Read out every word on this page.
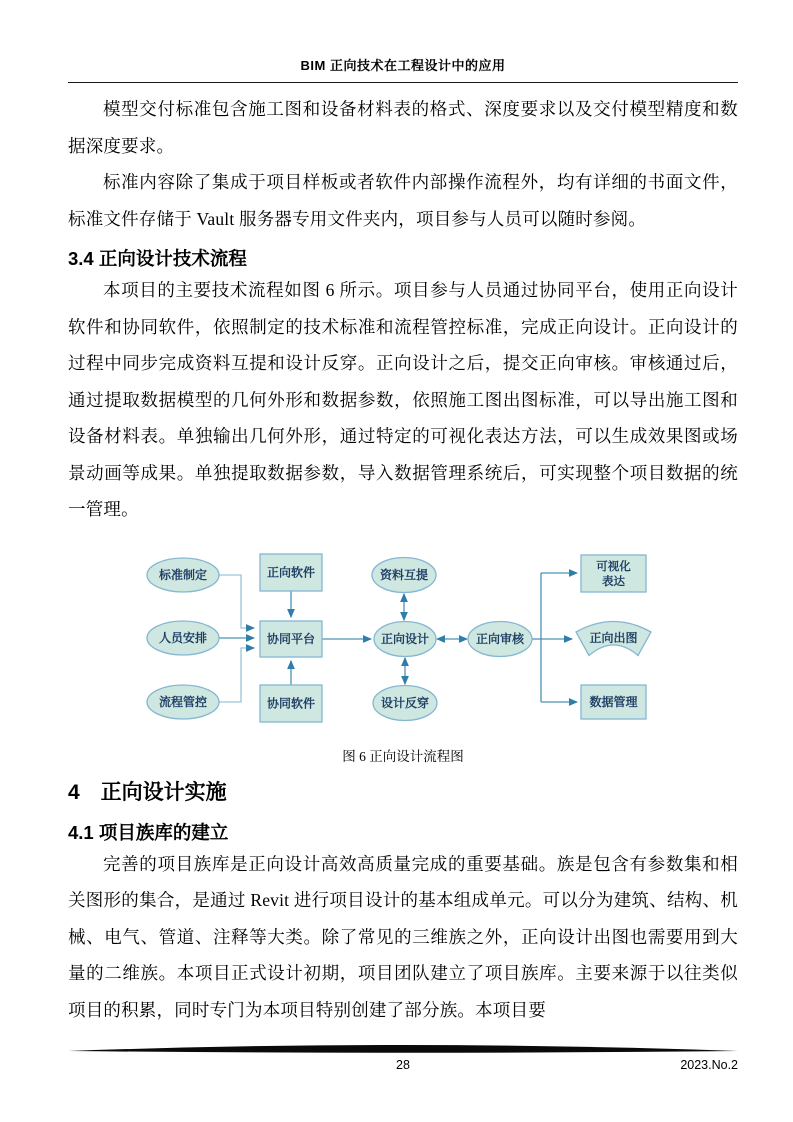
BIM 正向技术在工程设计中的应用

模型交付标准包含施工图和设备材料表的格式、深度要求以及交付模型精度和数据深度要求。

标准内容除了集成于项目样板或者软件内部操作流程外，均有详细的书面文件，标准文件存储于 Vault 服务器专用文件夹内，项目参与人员可以随时参阅。

3.4 正向设计技术流程

本项目的主要技术流程如图 6 所示。项目参与人员通过协同平台，使用正向设计软件和协同软件，依照制定的技术标准和流程管控标准，完成正向设计。正向设计的过程中同步完成资料互提和设计反穿。正向设计之后，提交正向审核。审核通过后，通过提取数据模型的几何外形和数据参数，依照施工图出图标准，可以导出施工图和设备材料表。单独输出几何外形，通过特定的可视化表达方法，可以生成效果图或场景动画等成果。单独提取数据参数，导入数据管理系统后，可实现整个项目数据的统一管理。

标准制定
人员安排
流程管控
正向软件
协同平台
协同软件
资料互提
正向设计
设计反穿
正向审核
可视化
表达
正向出图
数据管理
图 6 正向设计流程图
4　正向设计实施
4.1 项目族库的建立

完善的项目族库是正向设计高效高质量完成的重要基础。族是包含有参数集和相关图形的集合，是通过 Revit 进行项目设计的基本组成单元。可以分为建筑、结构、机械、电气、管道、注释等大类。除了常见的三维族之外，正向设计出图也需要用到大量的二维族。本项目正式设计初期，项目团队建立了项目族库。主要来源于以往类似项目的积累，同时专门为本项目特别创建了部分族。本项目要

28	2023.No.2
